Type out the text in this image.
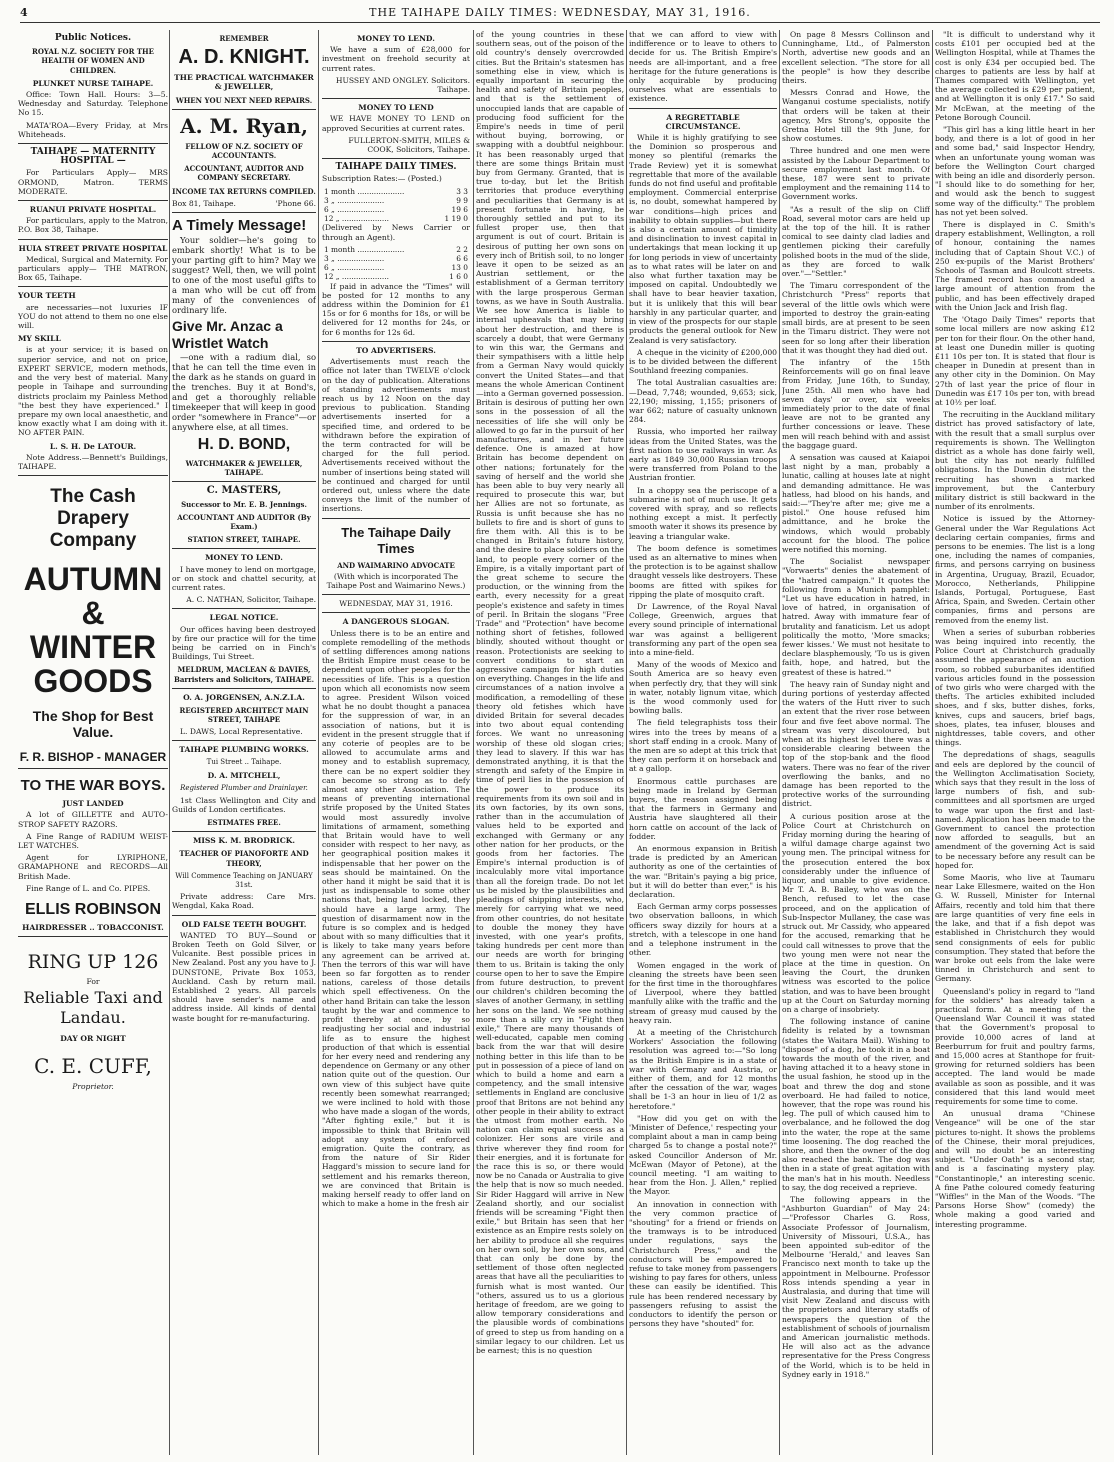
4	THE TAIHAPE DAILY TIMES: WEDNESDAY, MAY 31, 1916.
Public Notices.
ROYAL N.Z. SOCIETY FOR THE HEALTH OF WOMEN AND CHILDREN.
PLUNKET NURSE TAIHAPE.

Office: Town Hall. Hours: 3—5. Wednesday and Saturday. Telephone No 15.

MATA'ROA—Every Friday, at Mrs Whiteheads.

TAIHAPE — MATERNITY HOSPITAL —

For Particulars Apply— MRS ORMOND, Matron. TERMS MODERATE.

RUANUI PRIVATE HOSPITAL.

For particulars, apply to the Matron, P.O. Box 38, Taihape.

HUIA STREET PRIVATE HOSPITAL

Medical, Surgical and Maternity. For particulars apply— THE MATRON, Box 65, Taihape.

YOUR TEETH

are necessaries—not luxuries IF YOU do not attend to them no one else will.

MY SKILL

is at your service; it is based on superior service, and not on price, EXPERT SERVICE, modern methods, and the very best of material. Many people in Taihape and surrounding districts proclaim my Painless Method "the best they have experienced." I prepare my own local anaesthetic, and know exactly what I am doing with it. NO AFTER PAIN.

L. S. H. De LATOUR.

Note Address.—Bennett's Buildings, TAIHAPE.

The Cash Drapery Company
AUTUMN & WINTER GOODS
The Shop for Best Value.
F. R. BISHOP - MANAGER
TO THE WAR BOYS.
JUST LANDED

A lot of GILLETTE and AUTO-STROP SAFETY RAZORS.

A Fine Range of RADIUM WEIST-LET WATCHES.

Agent for LYRIPHONE, GRAMAPHONE and RECORDS—All British Made.

Fine Range of L. and Co. PIPES.

ELLIS ROBINSON
HAIRDRESSER .. TOBACCONIST.
RING UP 126
For
Reliable Taxi and Landau.
DAY OR NIGHT
C. E. CUFF,
Proprietor.
REMEMBER
A. D. KNIGHT.
THE PRACTICAL WATCHMAKER & JEWELLER,
WHEN YOU NEXT NEED REPAIRS.
A. M. Ryan,
FELLOW OF N.Z. SOCIETY OF ACCOUNTANTS.
ACCOUNTANT, AUDITOR AND COMPANY SECRETARY.
INCOME TAX RETURNS COMPILED.
Box 81, Taihape.	'Phone 66.
A Timely Message!

Your soldier—he's going to embark shortly! What is to be your parting gift to him? May we suggest? Well, then, we will point to one of the most useful gifts to a man who will be cut off from many of the conveniences of ordinary life.

Give Mr. Anzac a Wristlet Watch

—one with a radium dial, so that he can tell the time even in the dark as he stands on guard in the trenches. Buy it at Bond's, and get a thoroughly reliable timekeeper that will keep in good order "somewhere in France"—or anywhere else, at all times.

H. D. BOND,
WATCHMAKER & JEWELLER, TAIHAPE.
C. MASTERS,
Successor to Mr. E. B. Jennings.
ACCOUNTANT AND AUDITOR (By Exam.)
STATION STREET, TAIHAPE.
MONEY TO LEND.

I have money to lend on mortgage, or on stock and chattel security, at current rates.

A. C. NATHAN, Solicitor, Taihape.

LEGAL NOTICE.

Our offices having been destroyed by fire our practice will for the time being be carried on in Finch's Buildings, Tui Street.

MELDRUM, MACLEAN & DAVIES, Barristers and Solicitors, TAIHAPE.
O. A. JORGENSEN, A.N.Z.I.A.
REGISTERED ARCHITECT MAIN STREET, TAIHAPE

L. DAWS, Local Representative.

TAIHAPE PLUMBING WORKS.
Tui Street .. Taihape.
D. A. MITCHELL,
Registered Plumber and Drainlayer.

1st Class Wellington and City and Guilds of London certificates.

ESTIMATES FREE.
MISS K. M. BRODRICK.
TEACHER OF PIANOFORTE AND THEORY,
Will Commence Teaching on JANUARY 31st.

Private address: Care Mrs. Wengdal, Kaka Road.

OLD FALSE TEETH BOUGHT.

WANTED TO BUY—Sound or Broken Teeth on Gold Silver, or Vulcanite. Best possible prices in New Zealand. Post any you have to J. DUNSTONE, Private Box 1053, Auckland. Cash by return mail. Established 2 years. All parcels should have sender's name and address inside. All kinds of dental waste bought for re-manufacturing.

MONEY TO LEND.

We have a sum of £28,000 for investment on freehold security at current rates.

HUSSEY AND ONGLEY. Solicitors. Taihape.

MONEY TO LEND

WE HAVE MONEY TO LEND on approved Securities at current rates.

FULLERTON-SMITH, MILES & COOK, Solicitors, Taihape.

TAIHAPE DAILY TIMES.

Subscription Rates:— (Posted.)

1 month ....................	3 3
3 „ ....................	9 9
6 „ ....................	19 6
12 „ ....................	1 19 0

(Delivered by News Carrier or through an Agent).

1 month ....................	2 2
3 „ ....................	6 6
6 „ ....................	13 0
12 „ ....................	1 6 0

If paid in advance the "Times" will be posted for 12 months to any address within the Dominion for £1 15s or for 6 months for 18s, or will be delivered for 12 months for 24s, or for 6 months for 12s 6d.

TO ADVERTISERS.

Advertisements must reach the office not later than TWELVE o'clock on the day of publication. Alterations of standing advertisements must reach us by 12 Noon on the day previous to publication. Standing advertisements inserted for a specified time, and ordered to be withdrawn before the expiration of the term contracted for will be charged for the full period. Advertisements received without the number of insertions being stated will be continued and charged for until ordered out, unless where the date conveys the limit of the number of insertions.

The Taihape Daily Times
AND WAIMARINO ADVOCATE

(With which is incorporated The Taihape Post and Waimarino News.)

WEDNESDAY, MAY 31, 1916.
A DANGEROUS SLOGAN.

Unless there is to be an entire and complete remodelling of the methods of settling differences among nations the British Empire must cease to be dependent upon other peoples for the necessities of life. This is a question upon which all economists now seem to agree. President Wilson voiced what he no doubt thought a panacea for the suppression of war, in an association of nations, but it is evident in the present struggle that if any coterie of peoples are to be allowed to accumulate arms and money and to establish supremacy, there can be no expert soldier they can become so strong as to defy almost any other Association. The means of preventing international strife proposed by the United States would most assuredly involve limitations of armament, something that Britain would have to well consider with respect to her navy, as her geographical position makes it indispensable that her power on the seas should be maintained. On the other hand it might be said that it is just as indispensable to some other nations that, being land locked, they should have a large army. The question of disarmament now in the future is so complex and is hedged about with so many difficulties that it is likely to take many years before any agreement can be arrived at. Then the terrors of this war will have been so far forgotten as to render nations, careless of those details which spell effectiveness. On the other hand Britain can take the lesson taught by the war and commence to profit thereby at once, by so readjusting her social and industrial life as to ensure the highest production of that which is essential for her every need and rendering any dependence on Germany or any other nation quite out of the question. Our own view of this subject have quite recently been somewhat rearranged; we were inclined to hold with those who have made a slogan of the words, "After fighting exile," but it is impossible to think that Britain will adopt any system of enforced emigration. Quite the contrary, as from the nature of Sir Rider Haggard's mission to secure land for settlement and his remarks thereon, we are convinced that Britain is making herself ready to offer land on which to make a home in the fresh air

of the young countries in these southern seas, out of the poison of the old country's densely overcrowded cities. But the Britain's statesmen has something else in view, which is equally important in securing the health and safety of Britain peoples, and that is the settlement of unoccupied lands that are capable of producing food sufficient for the Empire's needs in time of peril without buying, borrowing, or swapping with a doubtful neighbour. It has been reasonably urged that there are some things Britain must buy from Germany. Granted, that is true to-day, but let the British territories that produce everything and peculiarities that Germany is at present fortunate in having, be thoroughly settled and put to its fullest proper use, then that argument is out of court. Britain is desirous of putting her own sons on every inch of British soil, to no longer leave it open to be seized as an Austrian settlement, or the establishment of a German territory with the large prosperous German towns, as we have in South Australia. We see how America is liable to internal upheavals that may bring about her destruction, and there is scarcely a doubt, that were Germany to win this war, the Germans and their sympathisers with a little help from a German Navy would quickly convert the United States—and that means the whole American Continent—into a German governed possession. Britain is desirous of putting her own sons in the possession of all the necessities of life she will only be allowed to go far in the pursuit of her manufactures, and in her future defence. One is amazed at how Britain has become dependent on other nations; fortunately for the saving of herself and the world she has been able to buy very nearly all required to prosecute this war, but her Allies are not so fortunate, as Russia is unfit because she has no bullets to fire and is short of guns to fire them with. All this is to be changed in Britain's future history, and the desire to place soldiers on the land, to people every corner of the Empire, is a vitally important part of the great scheme to secure the production, or the winning from the earth, every necessity for a great people's existence and safety in times of peril. In Britain the slogans "Free Trade" and "Protection" have become nothing short of fetishes, followed blindly, shouted without thought or reason. Protectionists are seeking to convert conditions to start an aggressive campaign for high duties on everything. Changes in the life and circumstances of a nation involve a modification, a remodelling of these theory old fetishes which have divided Britain for several decades into two about equal contending forces. We want no unreasoning worship of these old slogan cries; they lead to slavery. If this war has demonstrated anything, it is that the strength and safety of the Empire in time of peril lies in the possession of the power to produce its requirements from its own soil and in its own factories, by its own sons, rather than in the accumulation of values held to be exported and exchanged with Germany or any other nation for her products, or the goods from her factories. The Empire's internal production is of incalculably more vital importance than all the foreign trade. Do not let us be misled by the plausibilities and pleadings of shipping interests, who, merely for carrying what we need from other countries, do not hesitate to double the money they have invested, with one year's profits, taking hundreds per cent more than our needs are worth for bringing them to us. Britain is taking the only course open to her to save the Empire from future destruction, to prevent our children's children becoming the slaves of another Germany, in settling her sons on the land. We see nothing more than a silly cry in "Fight then exile," There are many thousands of well-educated, capable men coming back from the war that will desire nothing better in this life than to be put in possession of a piece of land on which to build a home and earn a competency, and the small intensive settlements in England are conclusive proof that Britons are not behind any other people in their ability to extract the utmost from mother earth. No nation can claim equal success as a colonizer. Her sons are virile and thrive wherever they find room for their energies, and it is fortunate for the race this is so, or there would now be no Canada or Australia to give the help that is now so much needed. Sir Rider Haggard will arrive in New Zealand shortly, and our socialist friends will be screaming "Fight then exile," but Britain has seen that her existence as an Empire rests solely on her ability to produce all she requires on her own soil, by her own sons, and that can only be done by the settlement of those often neglected areas that have all the peculiarities to furnish what is most wanted. Our "others, assured us to us a glorious heritage of freedom, are we going to allow temporary considerations and the plausible words of combinations of greed to step us from handing on a similar legacy to our children. Let us be earnest; this is no question

that we can afford to view with indifference or to leave to others to decide for us. The British Empire's needs are all-important, and a free heritage for the future generations is only acquirable by producing ourselves what are essentials to existence.

A REGRETTABLE CIRCUMSTANCE.

While it is highly gratifying to see the Dominion so prosperous and money so plentiful (remarks the Trade Review) yet it is somewhat regrettable that more of the available funds do not find useful and profitable employment. Commercial enterprise is, no doubt, somewhat hampered by war conditions—high prices and inability to obtain supplies—but there is also a certain amount of timidity and disinclination to invest capital in undertakings that mean locking it up for long periods in view of uncertainty as to what rates will be later on and also what further taxation may be imposed on capital. Undoubtedly we shall have to bear heavier taxation, but it is unlikely that this will bear harshly in any particular quarter, and in view of the prospects for our staple products the general outlook for New Zealand is very satisfactory.

A cheque in the vicinity of £200,000 is to be divided between the different Southland freezing companies.

The total Australian casualties are:—Dead, 7,748; wounded, 9,653; sick, 22,190; missing, 1,155; prisoners of war 662; nature of casualty unknown 284.

Russia, who imported her railway ideas from the United States, was the first nation to use railways in war. As early as 1849 30,000 Russian troops were transferred from Poland to the Austrian frontier.

In a choppy sea the periscope of a submarine is not of much use. It gets covered with spray, and so reflects nothing except a mist. It perfectly smooth water it shows its presence by leaving a triangular wake.

The boom defence is sometimes used as an alternative to mines when the protection is to be against shallow draught vessels like destroyers. These booms are fitted with spikes for ripping the plate of mosquito craft.

Dr Lawrence, of the Royal Naval College, Greenwich, argues that every sound principle of international war was against a belligerent transforming any part of the open sea into a mine-field.

Many of the woods of Mexico and South America are so heavy even when perfectly dry, that they will sink in water, notably lignum vitae, which is the wood commonly used for bowling balls.

The field telegraphists toss their wires into the trees by means of a short staff ending in a crook. Many of the men are so adept at this trick that they can perform it on horseback and at a gallop.

Enormous cattle purchases are being made in Ireland by German buyers, the reason assigned being that the farmers in Germany and Austria have slaughtered all their horn cattle on account of the lack of fodder.

An enormous expansion in British trade is predicted by an American authority as one of the certainties of the war. "Britain's paying a big price, but it will do better than ever," is his declaration.

Each German army corps possesses two observation balloons, in which officers sway dizzily for hours at a stretch, with a telescope in one hand and a telephone instrument in the other.

Women engaged in the work of cleaning the streets have been seen for the first time in the thoroughfares of Liverpool, where they battled manfully alike with the traffic and the stream of greasy mud caused by the heavy rain.

At a meeting of the Christchurch Workers' Association the following resolution was agreed to:—"So long as the British Empire is in a state of war with Germany and Austria, or either of them, and for 12 months after the cessation of the war, wages shall be 1-3 an hour in lieu of 1/2 as heretofore."

"How did you get on with the 'Minister of Defence,' respecting your complaint about a man in camp being charged 5s to change a postal note?" asked Councillor Anderson of Mr. McEwan (Mayor of Petone), at the council meeting. "I am waiting to hear from the Hon. J. Allen," replied the Mayor.

An innovation in connection with the very common practice of "shouting" for a friend or friends on the tramways is to be introduced under regulations, says the Christchurch Press," and the conductors will be empowered to refuse to take money from passengers wishing to pay fares for others, unless these can easily be identified. This rule has been rendered necessary by passengers refusing to assist the conductors to identify the person or persons they have "shouted" for.

On page 8 Messrs Collinson and Cunninghame, Ltd., of Palmerston North, advertise new goods and an excellent selection. "The store for all the people" is how they describe theirs.

Messrs Conrad and Howe, the Wanganui costume specialists, notify that orders will be taken at their agency, Mrs Strong's, opposite the Gretna Hotel till the 9th June, for show costumes.

Three hundred and one men were assisted by the Labour Department to secure employment last month. Of these, 187 were sent to private employment and the remaining 114 to Government works.

"As a result of the slip on Cliff Road, several motor cars are held up at the top of the hill. It is rather comical to see dainty clad ladies and gentlemen picking their carefully polished boots in the mud of the slide, as they are forced to walk over."—"Settler."

The Timaru correspondent of the Christchurch "Press" reports that several of the little owls which were imported to destroy the grain-eating small birds, are at present to be seen in the Timaru district. They were not seen for so long after their liberation that it was thought they had died out.

The infantry of the 15th Reinforcements will go on final leave from Friday, June 16th, to Sunday, June 25th. All men who have had seven days' or over, six weeks immediately prior to the date of final leave are not to be granted any further concessions or leave. These men will reach behind with and assist the baggage guard.

A sensation was caused at Kaiapoi last night by a man, probably a lunatic, calling at houses late at night and demanding admittance. He was hatless, had blood on his hands, and said:—"They're after me; give me a pistol." One house refused him admittance, and he broke the windows, which would probably account for the blood. The police were notified this morning.

The Socialist newspaper "Vorwaerts" denies the abatement of the "hatred campaign." It quotes the following from a Munich pamphlet: "Let us have education in hatred, in love of hatred, in organisation of hatred. Away with immature fear of brutality and fanaticism. Let us adopt politically the motto, 'More smacks; fewer kisses.' We must not hesitate to declare blasphemously, 'To us is given faith, hope, and hatred, but the greatest of these is hatred.'"

The heavy rain of Sunday night and during portions of yesterday affected the waters of the Hutt river to such an extent that the river rose between four and five feet above normal. The stream was very discoloured, but when at its highest level there was a considerable clearing between the top of the stop-bank and the flood waters. There was no fear of the river overflowing the banks, and no damage has been reported to the protective works of the surrounding district.

A curious position arose at the Police Court at Christchurch on Friday morning during the hearing of a wilful damage charge against two young men. The principal witness for the prosecution entered the box considerably under the influence of liquor, and unable to give evidence. Mr T. A. B. Bailey, who was on the Bench, refused to let the case proceed, and on the application of Sub-Inspector Mullaney, the case was struck out. Mr Cassidy, who appeared for the accused, remarking that he could call witnesses to prove that the two young men were not near the place at the time in question. On leaving the Court, the drunken witness was escorted to the police station, and was to have been brought up at the Court on Saturday morning on a charge of insobriety.

The following instance of canine fidelity is related by a townsman (states the Waitara Mail). Wishing to "dispose" of a dog, he took it in a boat towards the mouth of the river, and having attached it to a heavy stone in the usual fashion, he stood up in the boat and threw the dog and stone overboard. He had failed to notice, however, that the rope was round his leg. The pull of which caused him to overbalance, and he followed the dog into the water, the rope at the same time loosening. The dog reached the shore, and then the owner of the dog also reached the bank. The dog was then in a state of great agitation with the man's hat in his mouth. Needless to say, the dog received a reprieve.

The following appears in the "Ashburton Guardian" of May 24:—"Professor Charles G. Ross, Associate Professor of Journalism, University of Missouri, U.S.A., has been appointed sub-editor of the Melbourne 'Herald,' and leaves San Francisco next month to take up the appointment in Melbourne. Professor Ross intends spending a year in Australasia, and during that time will visit New Zealand and discuss with the proprietors and literary staffs of newspapers the question of the establishment of schools of journalism and American journalistic methods. He will also act as the advance representative for the Press Congress of the World, which is to be held in Sydney early in 1918."

"It is difficult to understand why it costs £101 per occupied bed at the Wellington Hospital, while at Thames the cost is only £34 per occupied bed. The charges to patients are less by half at Thames compared with Wellington, yet the average collected is £29 per patient, and at Wellington it is only £17." So said Mr McEwan, at the meeting of the Petone Borough Council.

"This girl has a king little heart in her body, and there is a lot of good in her and some bad," said Inspector Hendry, when an unfortunate young woman was before the Wellington Court charged with being an idle and disorderly person. "I should like to do something for her, and would ask the bench to suggest some way of the difficulty." The problem has not yet been solved.

There is displayed in C. Smith's drapery establishment, Wellington, a roll of honour, containing the names including that of Captain Shout V.C.) of 250 ex-pupils of the Marist Brothers' Schools of Tasman and Boulcott streets. The framed record has commanded a large amount of attention from the public, and has been effectively draped with the Union Jack and Irish flag.

The 'Otago Daily Times" reports that some local millers are now asking £12 per ton for their flour. On the other hand, at least one Dunedin miller is quoting £11 10s per ton. It is stated that flour is cheaper in Dunedin at present than in any other city in the Dominion. On May 27th of last year the price of flour in Dunedin was £17 10s per ton, with bread at 10½ per loaf.

The recruiting in the Auckland military district has proved satisfactory of late, with the result that a small surplus over requirements is shown. The Wellington district as a whole has done fairly well, but the city has not nearly fulfilled obligations. In the Dunedin district the recruiting has shown a marked improvement, but the Canterbury military district is still backward in the number of its enrolments.

Notice is issued by the Attorney-General under the War Regulations Act declaring certain companies, firms and persons to be enemies. The list is a long one, including the names of companies, firms, and persons carrying on business in Argentina, Uruguay, Brazil, Ecuador, Morocco, Netherlands, Philippine Islands, Portugal, Portuguese, East Africa, Spain, and Sweden. Certain other companies, firms and persons are removed from the enemy list.

When a series of suburban robberies was being inquired into recently, the Police Court at Christchurch gradually assumed the appearance of an auction room, so robbed suburbanites identified various articles found in the possession of two girls who were charged with the thefts. The articles exhibited included shoes, and f sks, butter dishes, forks, knives, cups and saucers, brief bags, shoes, plates, tea infuser, blouses and nightdresses, table covers, and other things.

The depredations of shags, seagulls and eels are deplored by the council of the Wellington Acclimatisation Society, which says that they result in the loss of large numbers of fish, and sub-committees and all sportsmen are urged to wage war upon the first and last-named. Application has been made to the Government to cancel the protection now afforded to seagulls, but an amendment of the governing Act is said to be necessary before any result can be hoped for.

Some Maoris, who live at Taumaru near Lake Ellesmere, waited on the Hon G. W. Russell, Minister for Internal Affairs, recently and told him that there are large quantities of very fine eels in the lake, and that if a fish depot was established in Christchurch they would send consignments of eels for public consumption. They stated that before the war broke out eels from the lake were tinned in Christchurch and sent to Germany.

Queensland's policy in regard to "land for the soldiers" has already taken a practical form. At a meeting of the Queensland War Council it was stated that the Government's proposal to provide 10,000 acres of land at Beerburrum for fruit and poultry farms, and 15,000 acres at Stanthope for fruit-growing for returned soldiers has been accepted. The land would be made available as soon as possible, and it was considered that this land would meet requirements for some time to come.

An unusual drama "Chinese Vengeance" will be one of the star pictures to-night. It shows the problems of the Chinese, their moral prejudices, and will no doubt be an interesting subject. "Under Oath" is a second star, and is a fascinating mystery play. "Constantinople," an interesting scenic. A fine Pathe coloured comedy featuring "Wiffles" in the Man of the Woods. "The Parsons Horse Show" (comedy) the whole making a good varied and interesting programme.
